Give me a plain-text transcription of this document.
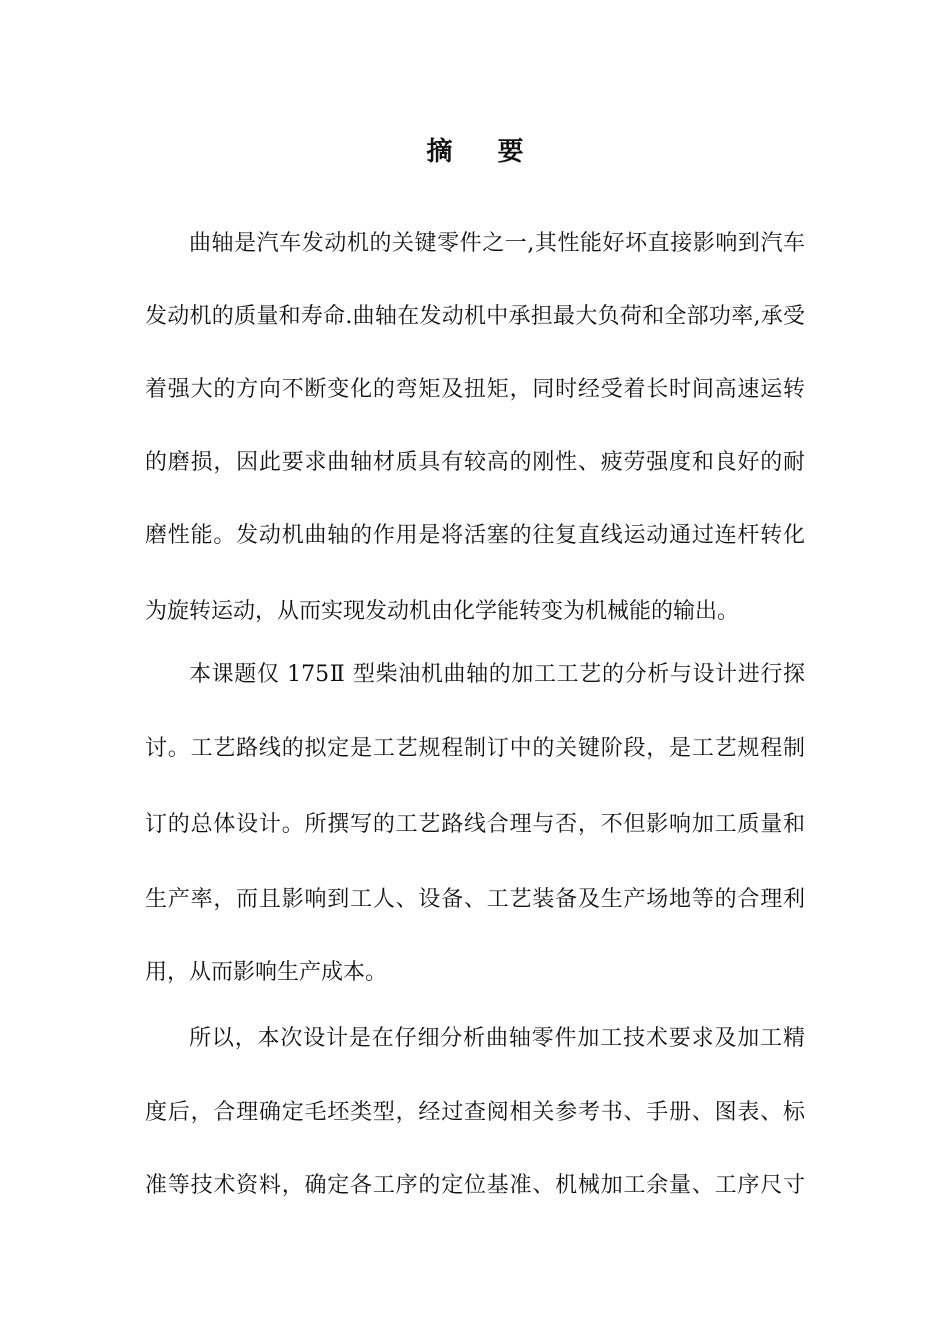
摘 要
曲轴是汽车发动机的关键零件之一,其性能好坏直接影响到汽车
发动机的质量和寿命.曲轴在发动机中承担最大负荷和全部功率,承受
着强大的方向不断变化的弯矩及扭矩，同时经受着长时间高速运转
的磨损，因此要求曲轴材质具有较高的刚性、疲劳强度和良好的耐
磨性能。发动机曲轴的作用是将活塞的往复直线运动通过连杆转化
为旋转运动，从而实现发动机由化学能转变为机械能的输出。
本课题仅 175Ⅱ 型柴油机曲轴的加工工艺的分析与设计进行探
讨。工艺路线的拟定是工艺规程制订中的关键阶段，是工艺规程制
订的总体设计。所撰写的工艺路线合理与否，不但影响加工质量和
生产率，而且影响到工人、设备、工艺装备及生产场地等的合理利
用，从而影响生产成本。
所以，本次设计是在仔细分析曲轴零件加工技术要求及加工精
度后，合理确定毛坯类型，经过查阅相关参考书、手册、图表、标
准等技术资料，确定各工序的定位基准、机械加工余量、工序尺寸
